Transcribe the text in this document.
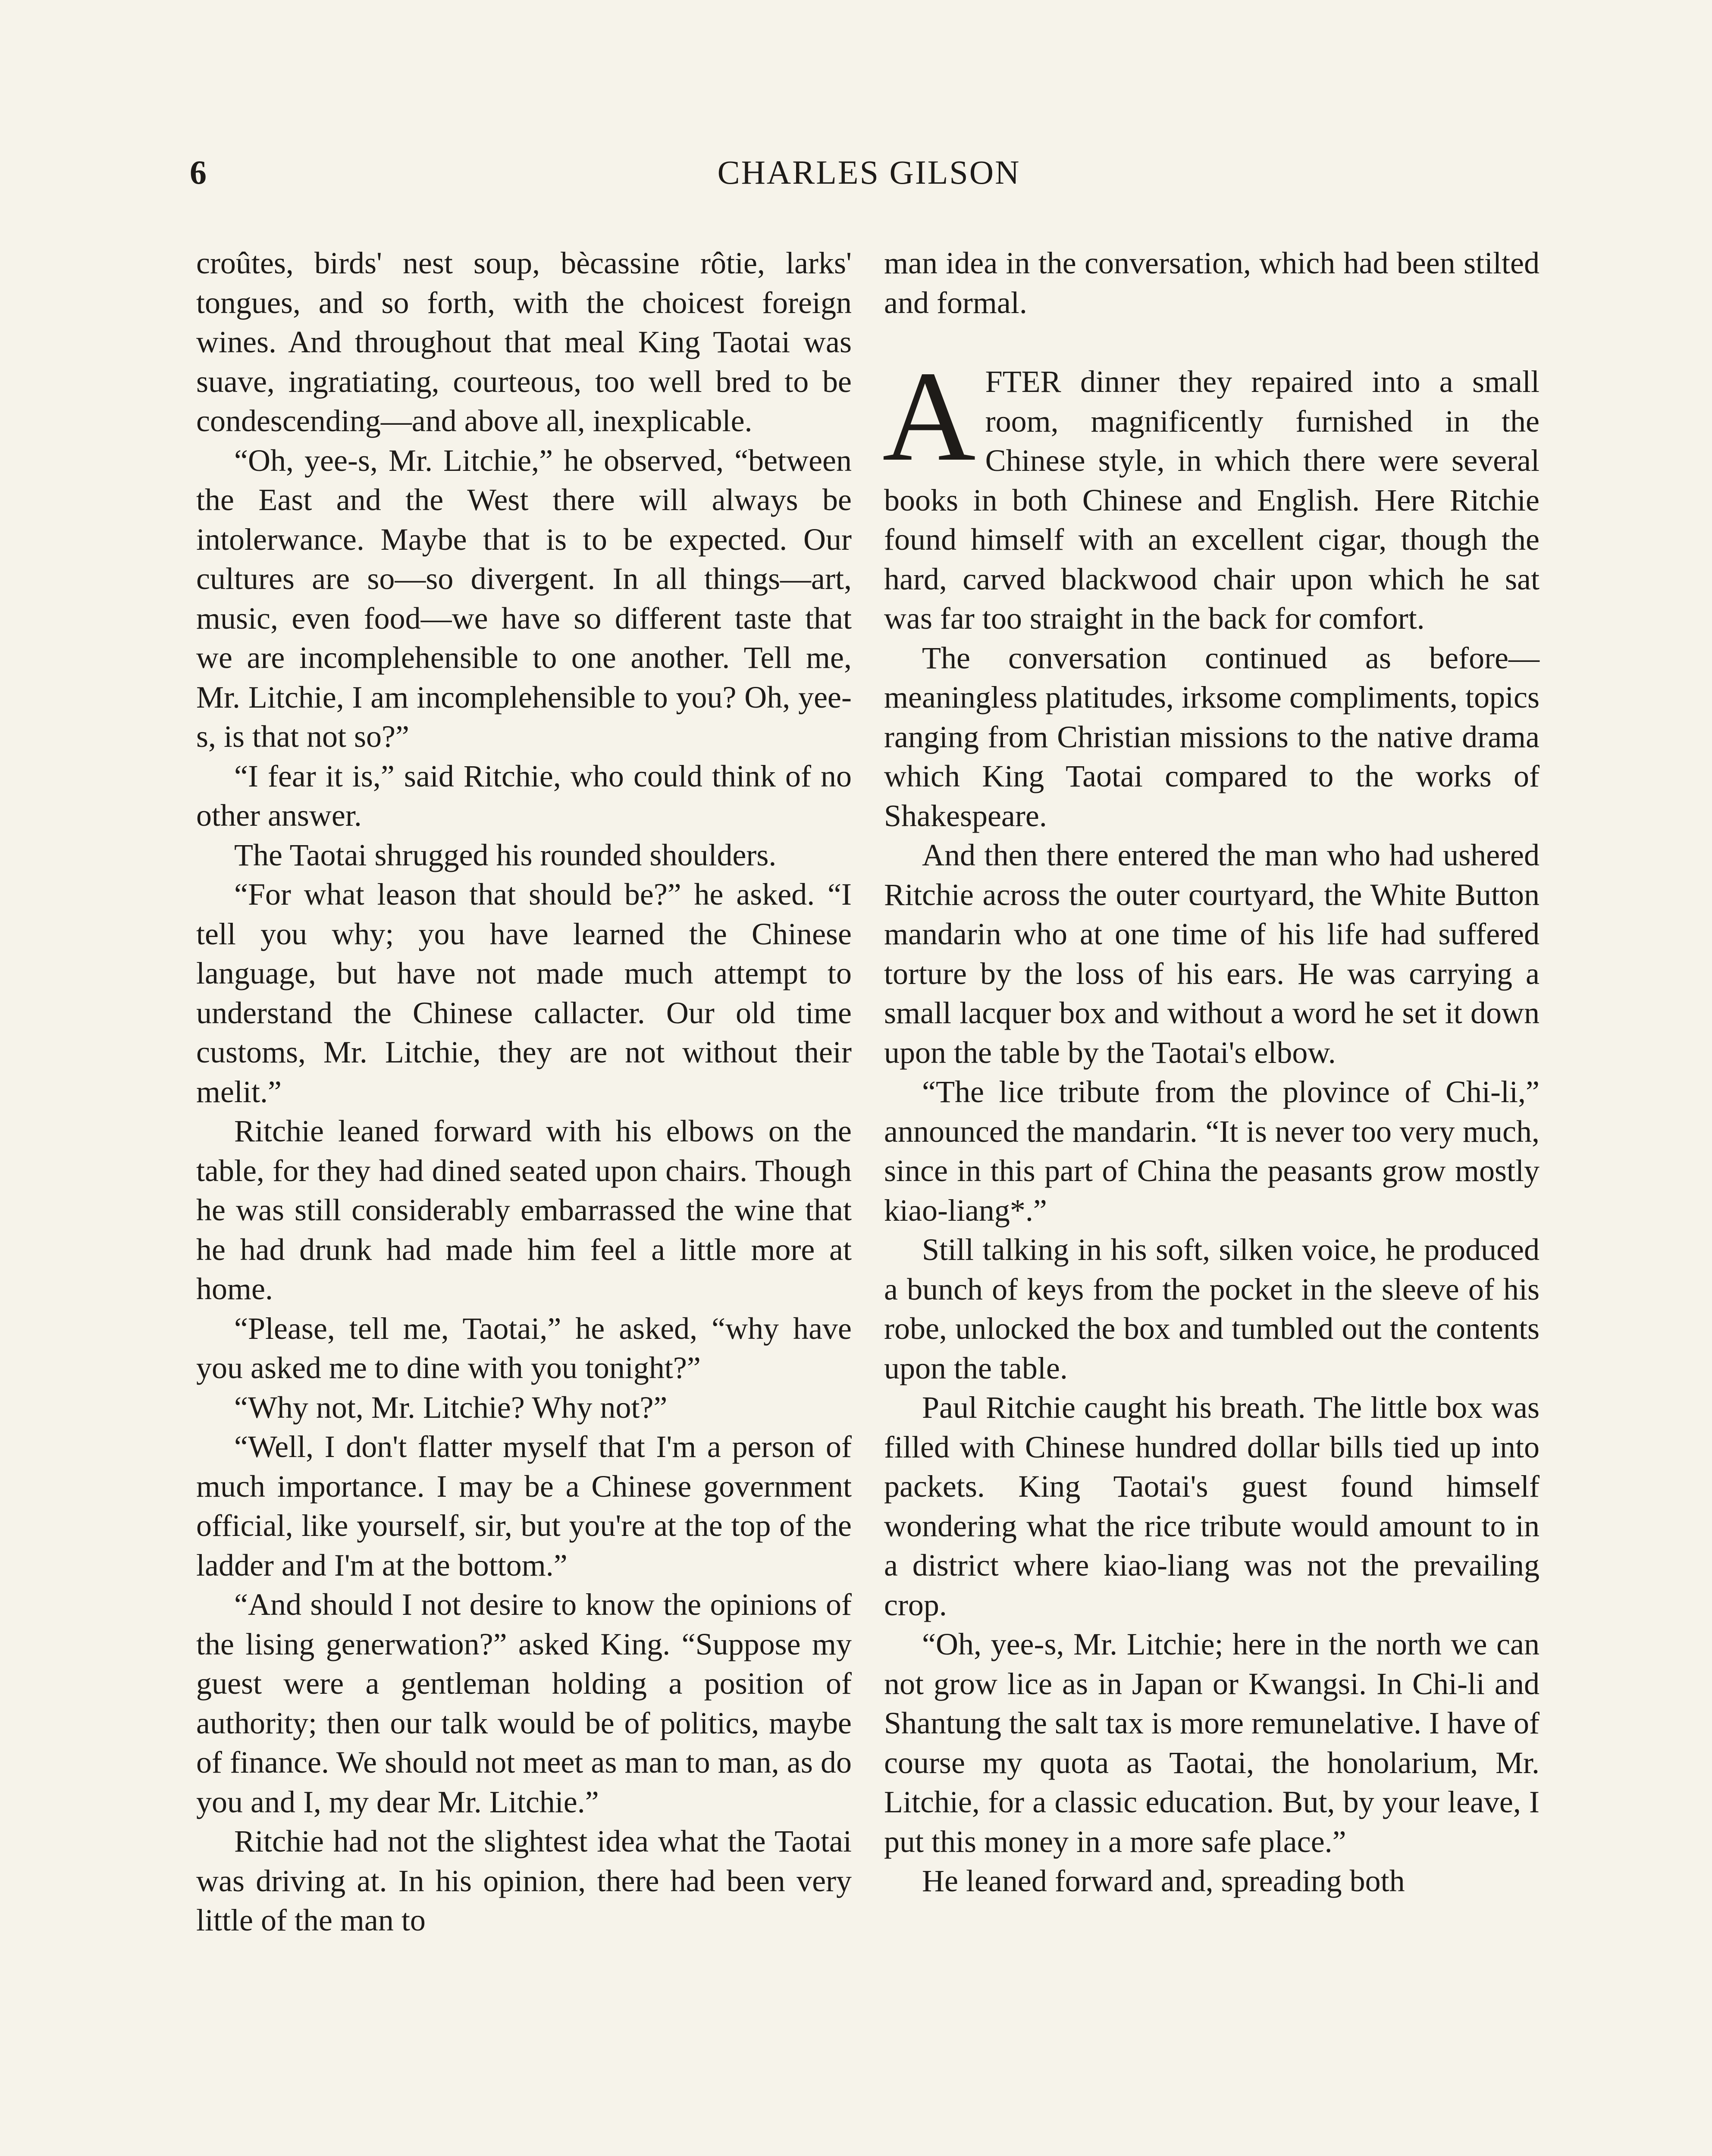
6	CHARLES GILSON

croûtes, birds' nest soup, bècassine rôtie, larks' tongues, and so forth, with the choicest foreign wines. And throughout that meal King Taotai was suave, ingratiating, courteous, too well bred to be condescending—and above all, inexplicable.

“Oh, yee-s, Mr. Litchie,” he observed, “between the East and the West there will always be intolerwance. Maybe that is to be expected. Our cultures are so—so divergent. In all things—art, music, even food—we have so different taste that we are incomplehensible to one another. Tell me, Mr. Litchie, I am incomplehensible to you? Oh, yee-s, is that not so?”

“I fear it is,” said Ritchie, who could think of no other answer.

The Taotai shrugged his rounded shoulders.

“For what leason that should be?” he asked. “I tell you why; you have learned the Chinese language, but have not made much attempt to understand the Chinese callacter. Our old time customs, Mr. Litchie, they are not without their melit.”

Ritchie leaned forward with his elbows on the table, for they had dined seated upon chairs. Though he was still considerably embarrassed the wine that he had drunk had made him feel a little more at home.

“Please, tell me, Taotai,” he asked, “why have you asked me to dine with you tonight?”

“Why not, Mr. Litchie? Why not?”

“Well, I don't flatter myself that I'm a person of much importance. I may be a Chinese government official, like yourself, sir, but you're at the top of the ladder and I'm at the bottom.”

“And should I not desire to know the opinions of the lising generwation?” asked King. “Suppose my guest were a gentleman holding a position of authority; then our talk would be of politics, maybe of finance. We should not meet as man to man, as do you and I, my dear Mr. Litchie.”

Ritchie had not the slightest idea what the Taotai was driving at. In his opinion, there had been very little of the man to

man idea in the conversation, which had been stilted and formal.

AFTER dinner they repaired into a small room, magnificently furnished in the Chinese style, in which there were several books in both Chinese and English. Here Ritchie found himself with an excellent cigar, though the hard, carved blackwood chair upon which he sat was far too straight in the back for comfort.

The conversation continued as before—meaningless platitudes, irksome compliments, topics ranging from Christian missions to the native drama which King Taotai compared to the works of Shakespeare.

And then there entered the man who had ushered Ritchie across the outer courtyard, the White Button mandarin who at one time of his life had suffered torture by the loss of his ears. He was carrying a small lacquer box and without a word he set it down upon the table by the Taotai's elbow.

“The lice tribute from the plovince of Chi-li,” announced the mandarin. “It is never too very much, since in this part of China the peasants grow mostly kiao-liang*.”

Still talking in his soft, silken voice, he produced a bunch of keys from the pocket in the sleeve of his robe, unlocked the box and tumbled out the contents upon the table.

Paul Ritchie caught his breath. The little box was filled with Chinese hundred dollar bills tied up into packets. King Taotai's guest found himself wondering what the rice tribute would amount to in a district where kiao-liang was not the prevailing crop.

“Oh, yee-s, Mr. Litchie; here in the north we can not grow lice as in Japan or Kwangsi. In Chi-li and Shantung the salt tax is more remunelative. I have of course my quota as Taotai, the honolarium, Mr. Litchie, for a classic education. But, by your leave, I put this money in a more safe place.”

He leaned forward and, spreading both
